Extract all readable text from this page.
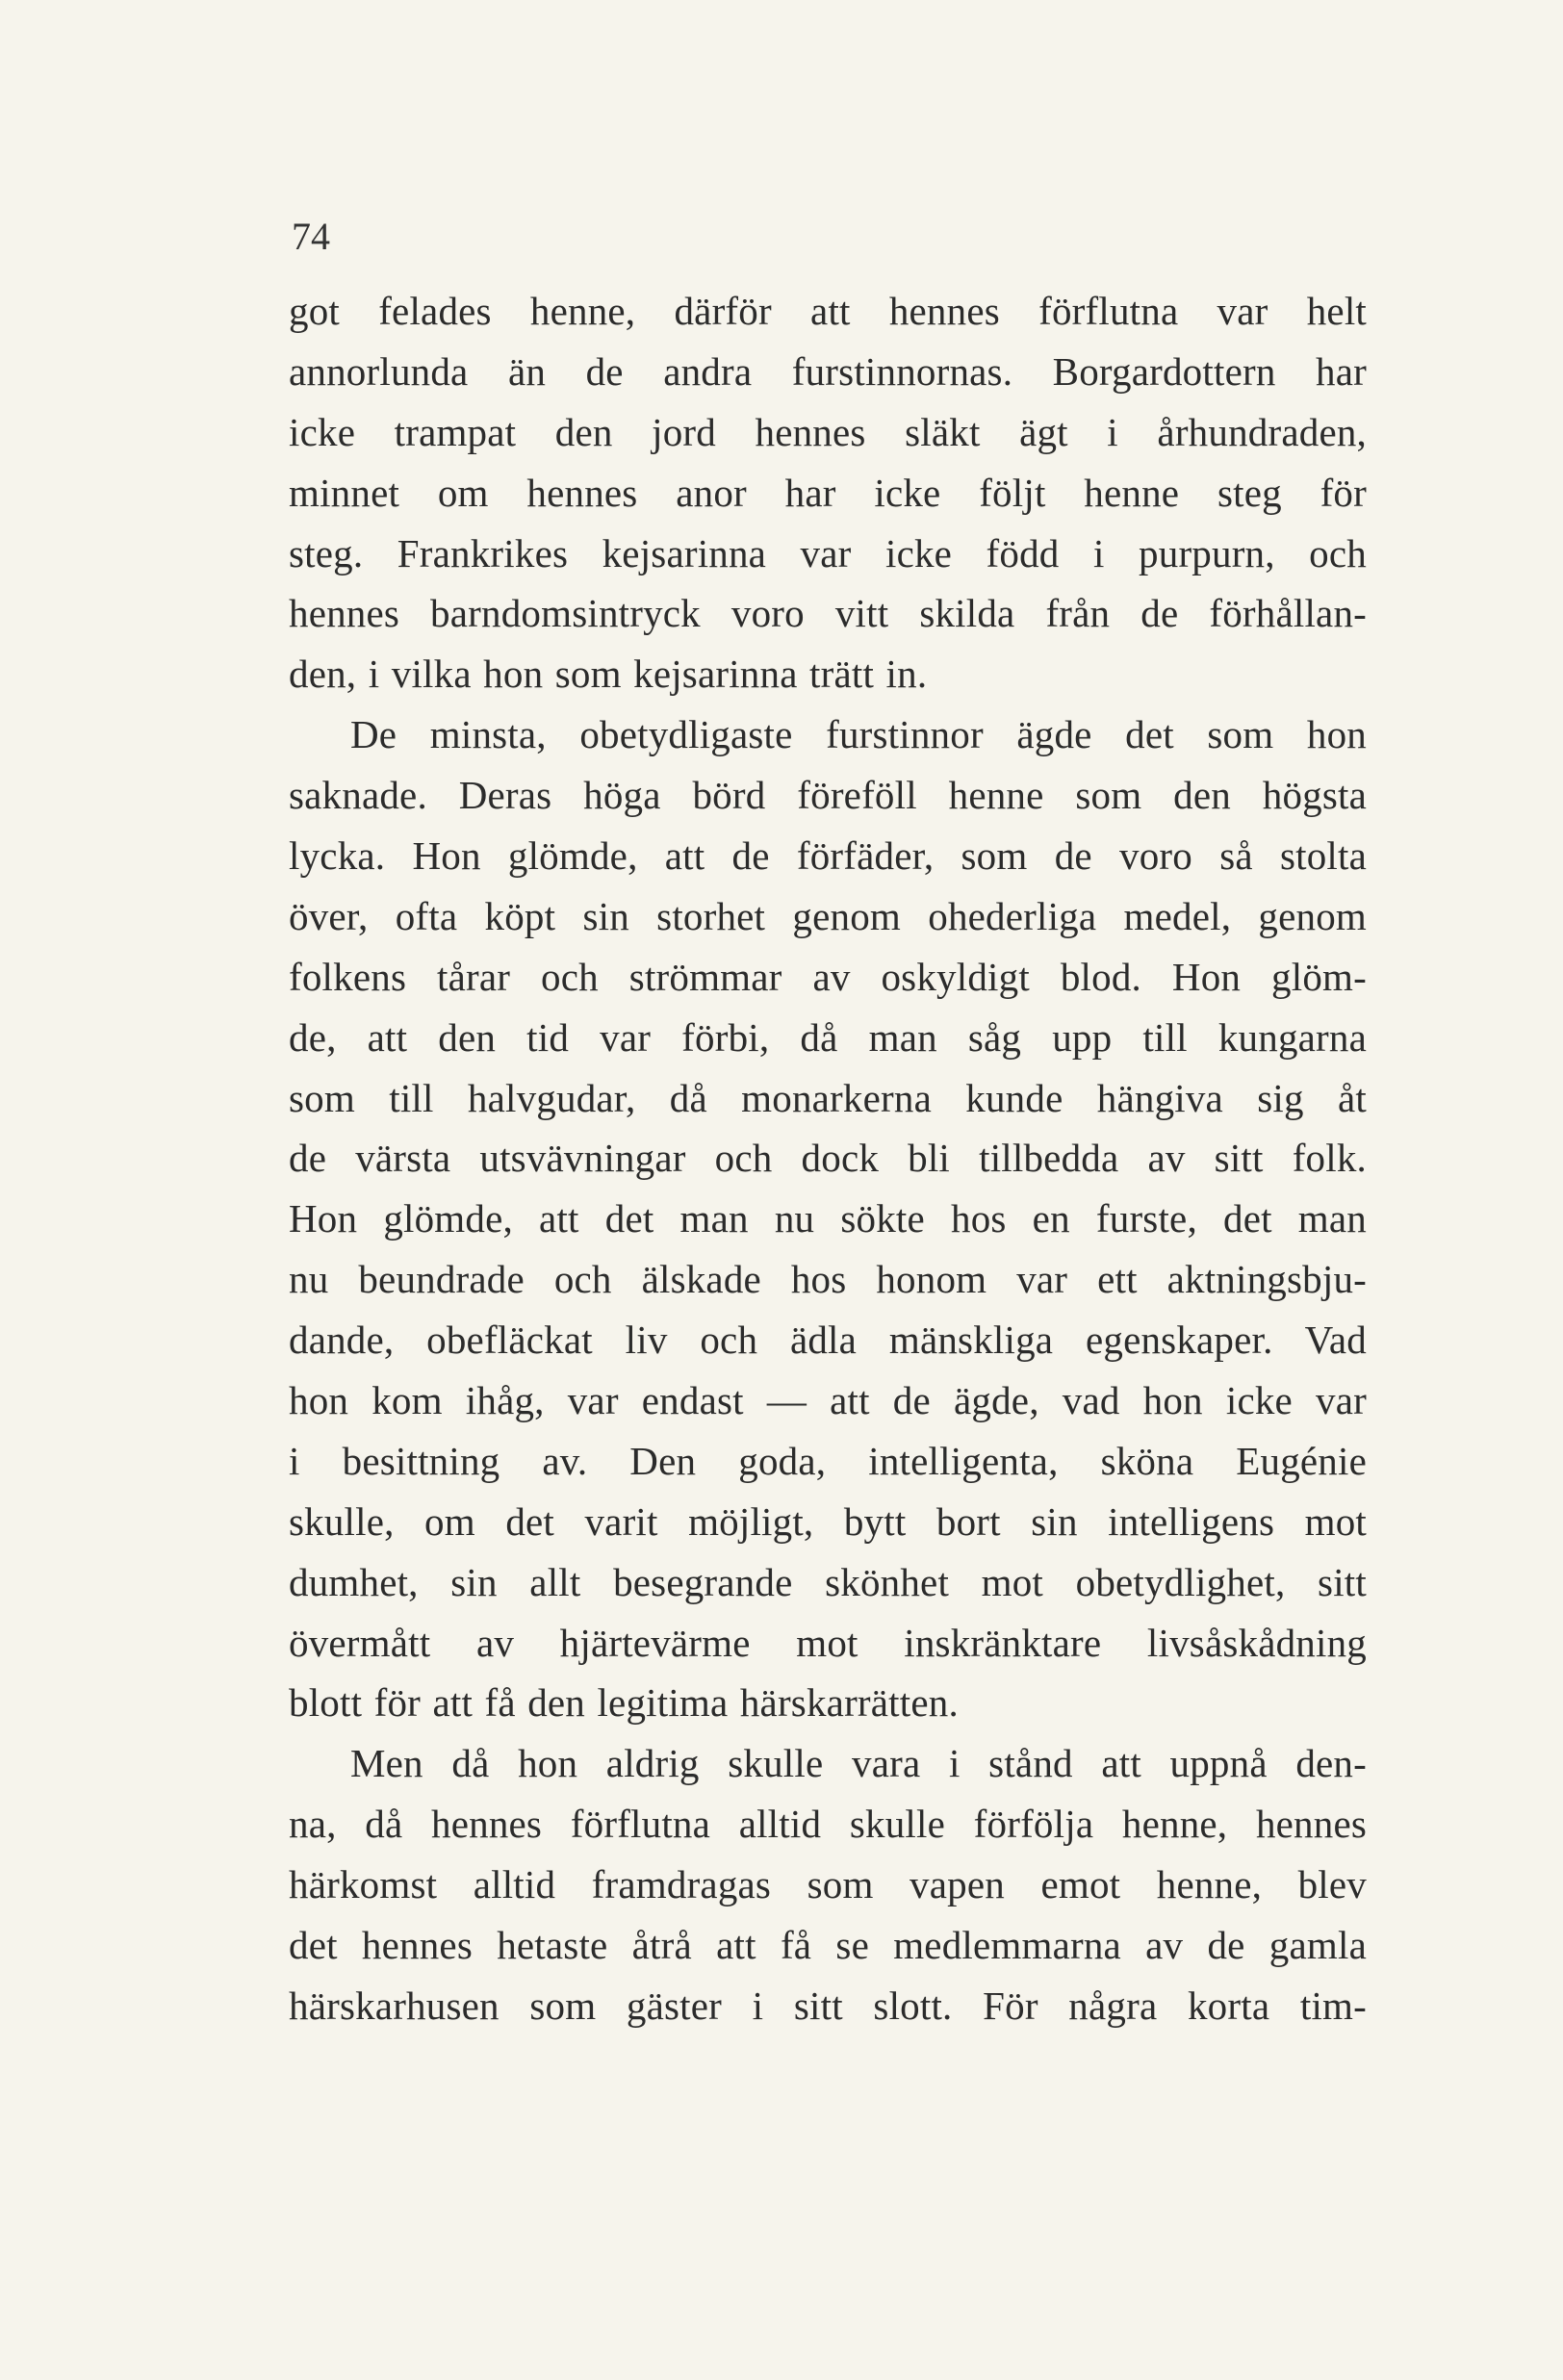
74
got felades henne, därför att hennes förflutna var helt
annorlunda än de andra furstinnornas. Borgardottern har
icke trampat den jord hennes släkt ägt i århundraden,
minnet om hennes anor har icke följt henne steg för
steg. Frankrikes kejsarinna var icke född i purpurn, och
hennes barndomsintryck voro vitt skilda från de förhållan-
den, i vilka hon som kejsarinna trätt in.
De minsta, obetydligaste furstinnor ägde det som hon
saknade. Deras höga börd föreföll henne som den högsta
lycka. Hon glömde, att de förfäder, som de voro så stolta
över, ofta köpt sin storhet genom ohederliga medel, genom
folkens tårar och strömmar av oskyldigt blod. Hon glöm-
de, att den tid var förbi, då man såg upp till kungarna
som till halvgudar, då monarkerna kunde hängiva sig åt
de värsta utsvävningar och dock bli tillbedda av sitt folk.
Hon glömde, att det man nu sökte hos en furste, det man
nu beundrade och älskade hos honom var ett aktningsbju-
dande, obefläckat liv och ädla mänskliga egenskaper. Vad
hon kom ihåg, var endast — att de ägde, vad hon icke var
i besittning av. Den goda, intelligenta, sköna Eugénie
skulle, om det varit möjligt, bytt bort sin intelligens mot
dumhet, sin allt besegrande skönhet mot obetydlighet, sitt
övermått av hjärtevärme mot inskränktare livsåskådning
blott för att få den legitima härskarrätten.
Men då hon aldrig skulle vara i stånd att uppnå den-
na, då hennes förflutna alltid skulle förfölja henne, hennes
härkomst alltid framdragas som vapen emot henne, blev
det hennes hetaste åtrå att få se medlemmarna av de gamla
härskarhusen som gäster i sitt slott. För några korta tim-
